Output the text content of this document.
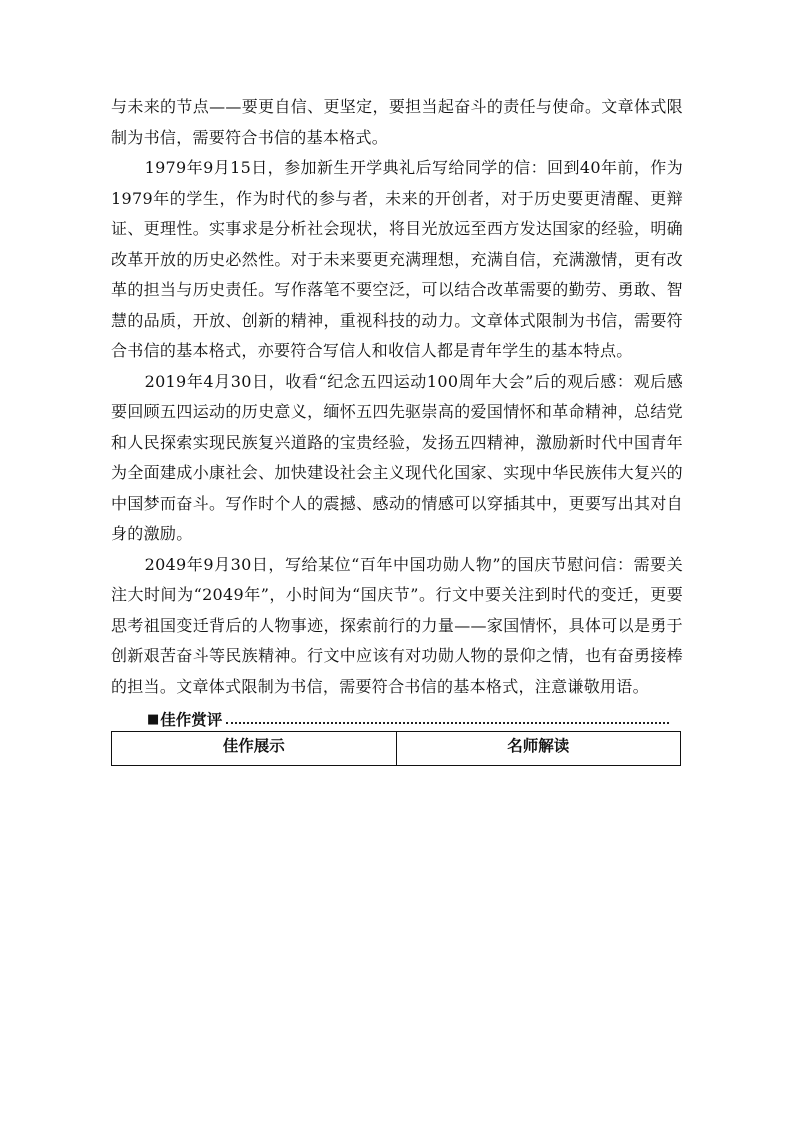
与未来的节点——要更自信、更坚定，要担当起奋斗的责任与使命。文章体式限制为书信，需要符合书信的基本格式。

1979年9月15日，参加新生开学典礼后写给同学的信：回到40年前，作为1979年的学生，作为时代的参与者，未来的开创者，对于历史要更清醒、更辩证、更理性。实事求是分析社会现状，将目光放远至西方发达国家的经验，明确改革开放的历史必然性。对于未来要更充满理想，充满自信，充满激情，更有改革的担当与历史责任。写作落笔不要空泛，可以结合改革需要的勤劳、勇敢、智慧的品质，开放、创新的精神，重视科技的动力。文章体式限制为书信，需要符合书信的基本格式，亦要符合写信人和收信人都是青年学生的基本特点。

2019年4月30日，收看“纪念五四运动100周年大会”后的观后感：观后感要回顾五四运动的历史意义，缅怀五四先驱崇高的爱国情怀和革命精神，总结党和人民探索实现民族复兴道路的宝贵经验，发扬五四精神，激励新时代中国青年为全面建成小康社会、加快建设社会主义现代化国家、实现中华民族伟大复兴的中国梦而奋斗。写作时个人的震撼、感动的情感可以穿插其中，更要写出其对自身的激励。

2049年9月30日，写给某位“百年中国功勋人物”的国庆节慰问信：需要关注大时间为“2049年”，小时间为“国庆节”。行文中要关注到时代的变迁，更要思考祖国变迁背后的人物事迹，探索前行的力量——家国情怀，具体可以是勇于创新艰苦奋斗等民族精神。行文中应该有对功勋人物的景仰之情，也有奋勇接棒的担当。文章体式限制为书信，需要符合书信的基本格式，注意谦敬用语。

■ 佳作赏评
佳作展示	名师解读
